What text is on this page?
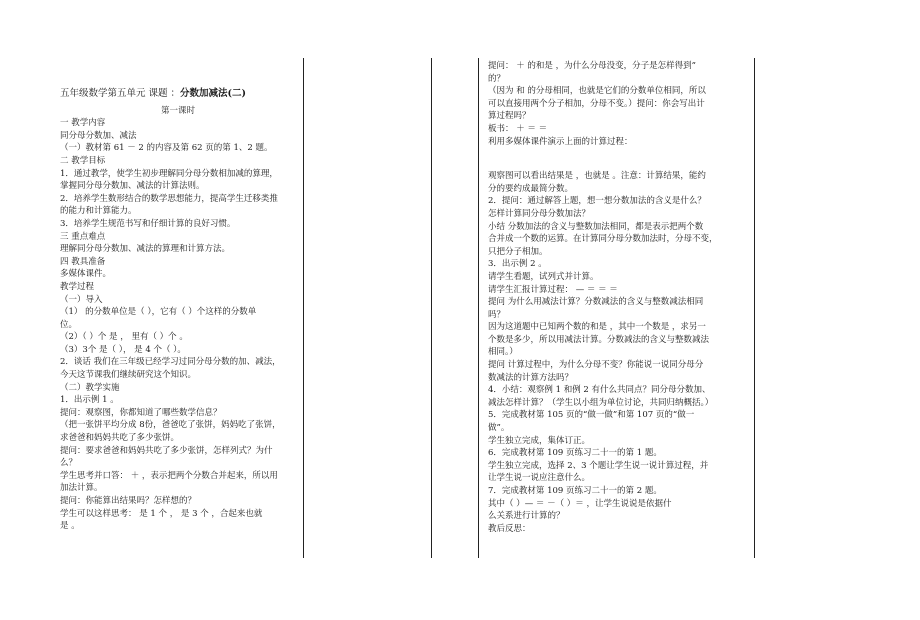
五年级数学第五单元 课题 ：分数加减法(二)

第一课时

一 教学内容

同分母分数加、减法

（一）教材第 61 － 2 的内容及第 62 页的第 1、2 题。

二 教学目标

1．通过教学，使学生初步理解同分母分数相加减的算理，

掌握同分母分数加、减法的计算法则。

2．培养学生数形结合的数学思想能力，提高学生迁移类推

的能力和计算能力。

3．培养学生规范书写和仔细计算的良好习惯。

三 重点难点

理解同分母分数加、减法的算理和计算方法。

四 教具准备

多媒体课件。

教学过程

（一）导入

（1） 的分数单位是（ ），它有（ ）个这样的分数单

位。

（2）（ ）个 是 ， 里有（ ）个 。

（3）3个 是（ ）， 是 4 个（ ）。

2．谈话 我们在三年级已经学习过同分母分数的加、减法，

今天这节课我们继续研究这个知识。

（二）教学实施

1．出示例 1 。

提问：观察图，你都知道了哪些数学信息？

（把一张饼平均分成 8份，爸爸吃了张饼，妈妈吃了张饼，

求爸爸和妈妈共吃了多少张饼。

提问：要求爸爸和妈妈共吃了多少张饼，怎样列式？为什

么？

学生思考并口答： ＋ ，表示把两个分数合并起来，所以用

加法计算。

提问：你能算出结果吗？怎样想的？

学生可以这样思考： 是 1 个 ， 是 3 个 ，合起来也就

是 。

提问： ＋ 的和是 ，为什么分母没变，分子是怎样得到”

的？

（因为 和 的分母相同，也就是它们的分数单位相同，所以

可以直接用两个分子相加，分母不变。）提问：你会写出计

算过程吗？

板书： ＋ ＝ ＝

利用多媒体课件演示上面的计算过程：

观察图可以看出结果是 ，也就是 。注意：计算结果，能约

分的要约成最简分数。

2．提问：通过解答上题，想一想分数加法的含义是什么？

怎样计算同分母分数加法？

小结 分数加法的含义与整数加法相同，都是表示把两个数

合并成一个数的运算。在计算同分母分数加法时，分母不变，

只把分子相加。

3．出示例 2 。

请学生看题，试列式并计算。

请学生汇报计算过程： — ＝ ＝ ＝

提问 为什么用减法计算？分数减法的含义与整数减法相同

吗？

因为这道题中已知两个数的和是 ，其中一个数是 ，求另一

个数是多少，所以用减法计算。分数减法的含义与整数减法

相同。）

提问 计算过程中，为什么分母不变？你能说一说同分母分

数减法的计算方法吗？

4．小结：观察例 1 和例 2 有什么共同点？同分母分数加、

减法怎样计算？（学生以小组为单位讨论，共同归纳概括。）

5．完成教材第 105 页的“做一做”和第 107 页的“做一

做”。

学生独立完成，集体订正。

6．完成教材第 109 页练习二十一的第 1 题。

学生独立完成，选择 2、3 个题让学生说一说计算过程，并

让学生说一说应注意什么。

7．完成教材第 109 页练习二十一的第 2 题。

其中（ ）— ＝ －（ ）＝ ，让学生说说是依据什

么关系进行计算的？

教后反思：
